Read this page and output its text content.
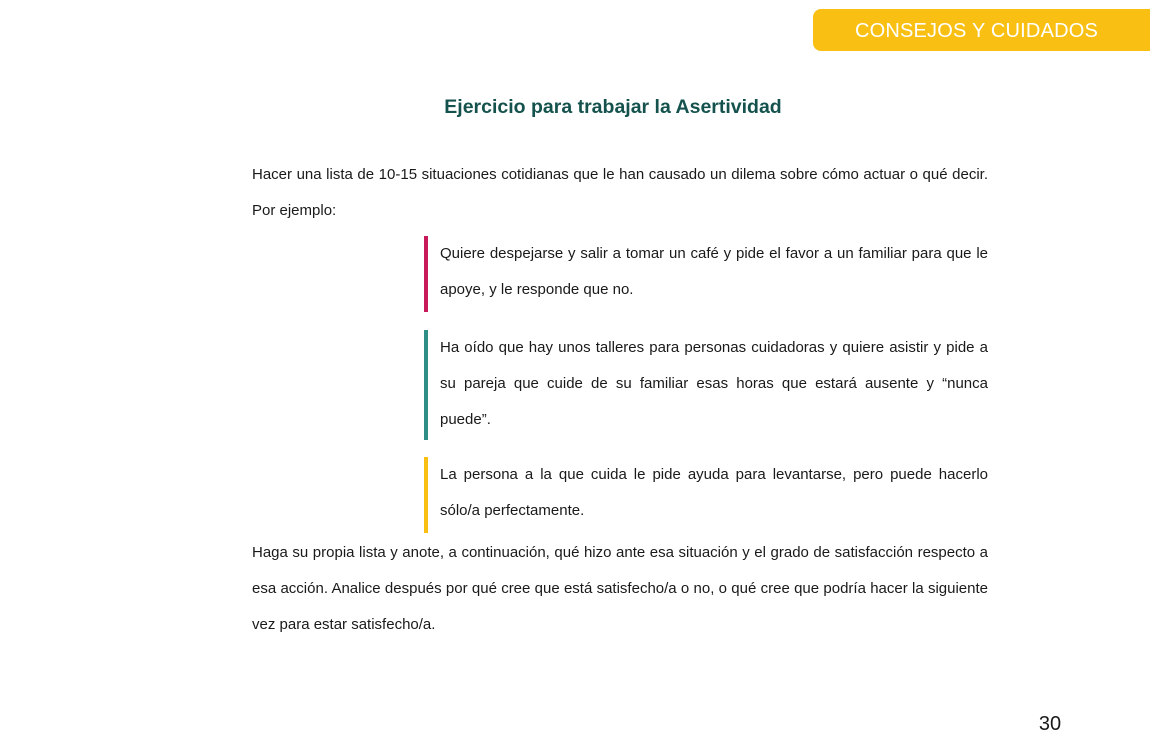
CONSEJOS Y CUIDADOS
Ejercicio para trabajar la Asertividad

Hacer una lista de 10-15 situaciones cotidianas que le han causado un dilema sobre cómo actuar o qué decir. Por ejemplo:

Quiere despejarse y salir a tomar un café y pide el favor a un familiar para que le apoye, y le responde que no.
Ha oído que hay unos talleres para personas cuidadoras y quiere asistir y pide a su pareja que cuide de su familiar esas horas que estará ausente y “nunca puede”.
La persona a la que cuida le pide ayuda para levantarse, pero puede hacerlo sólo/a perfectamente.

Haga su propia lista y anote, a continuación, qué hizo ante esa situación y el grado de satisfacción respecto a esa acción. Analice después por qué cree que está satisfecho/a o no, o qué cree que podría hacer la siguiente vez para estar satisfecho/a.

30
